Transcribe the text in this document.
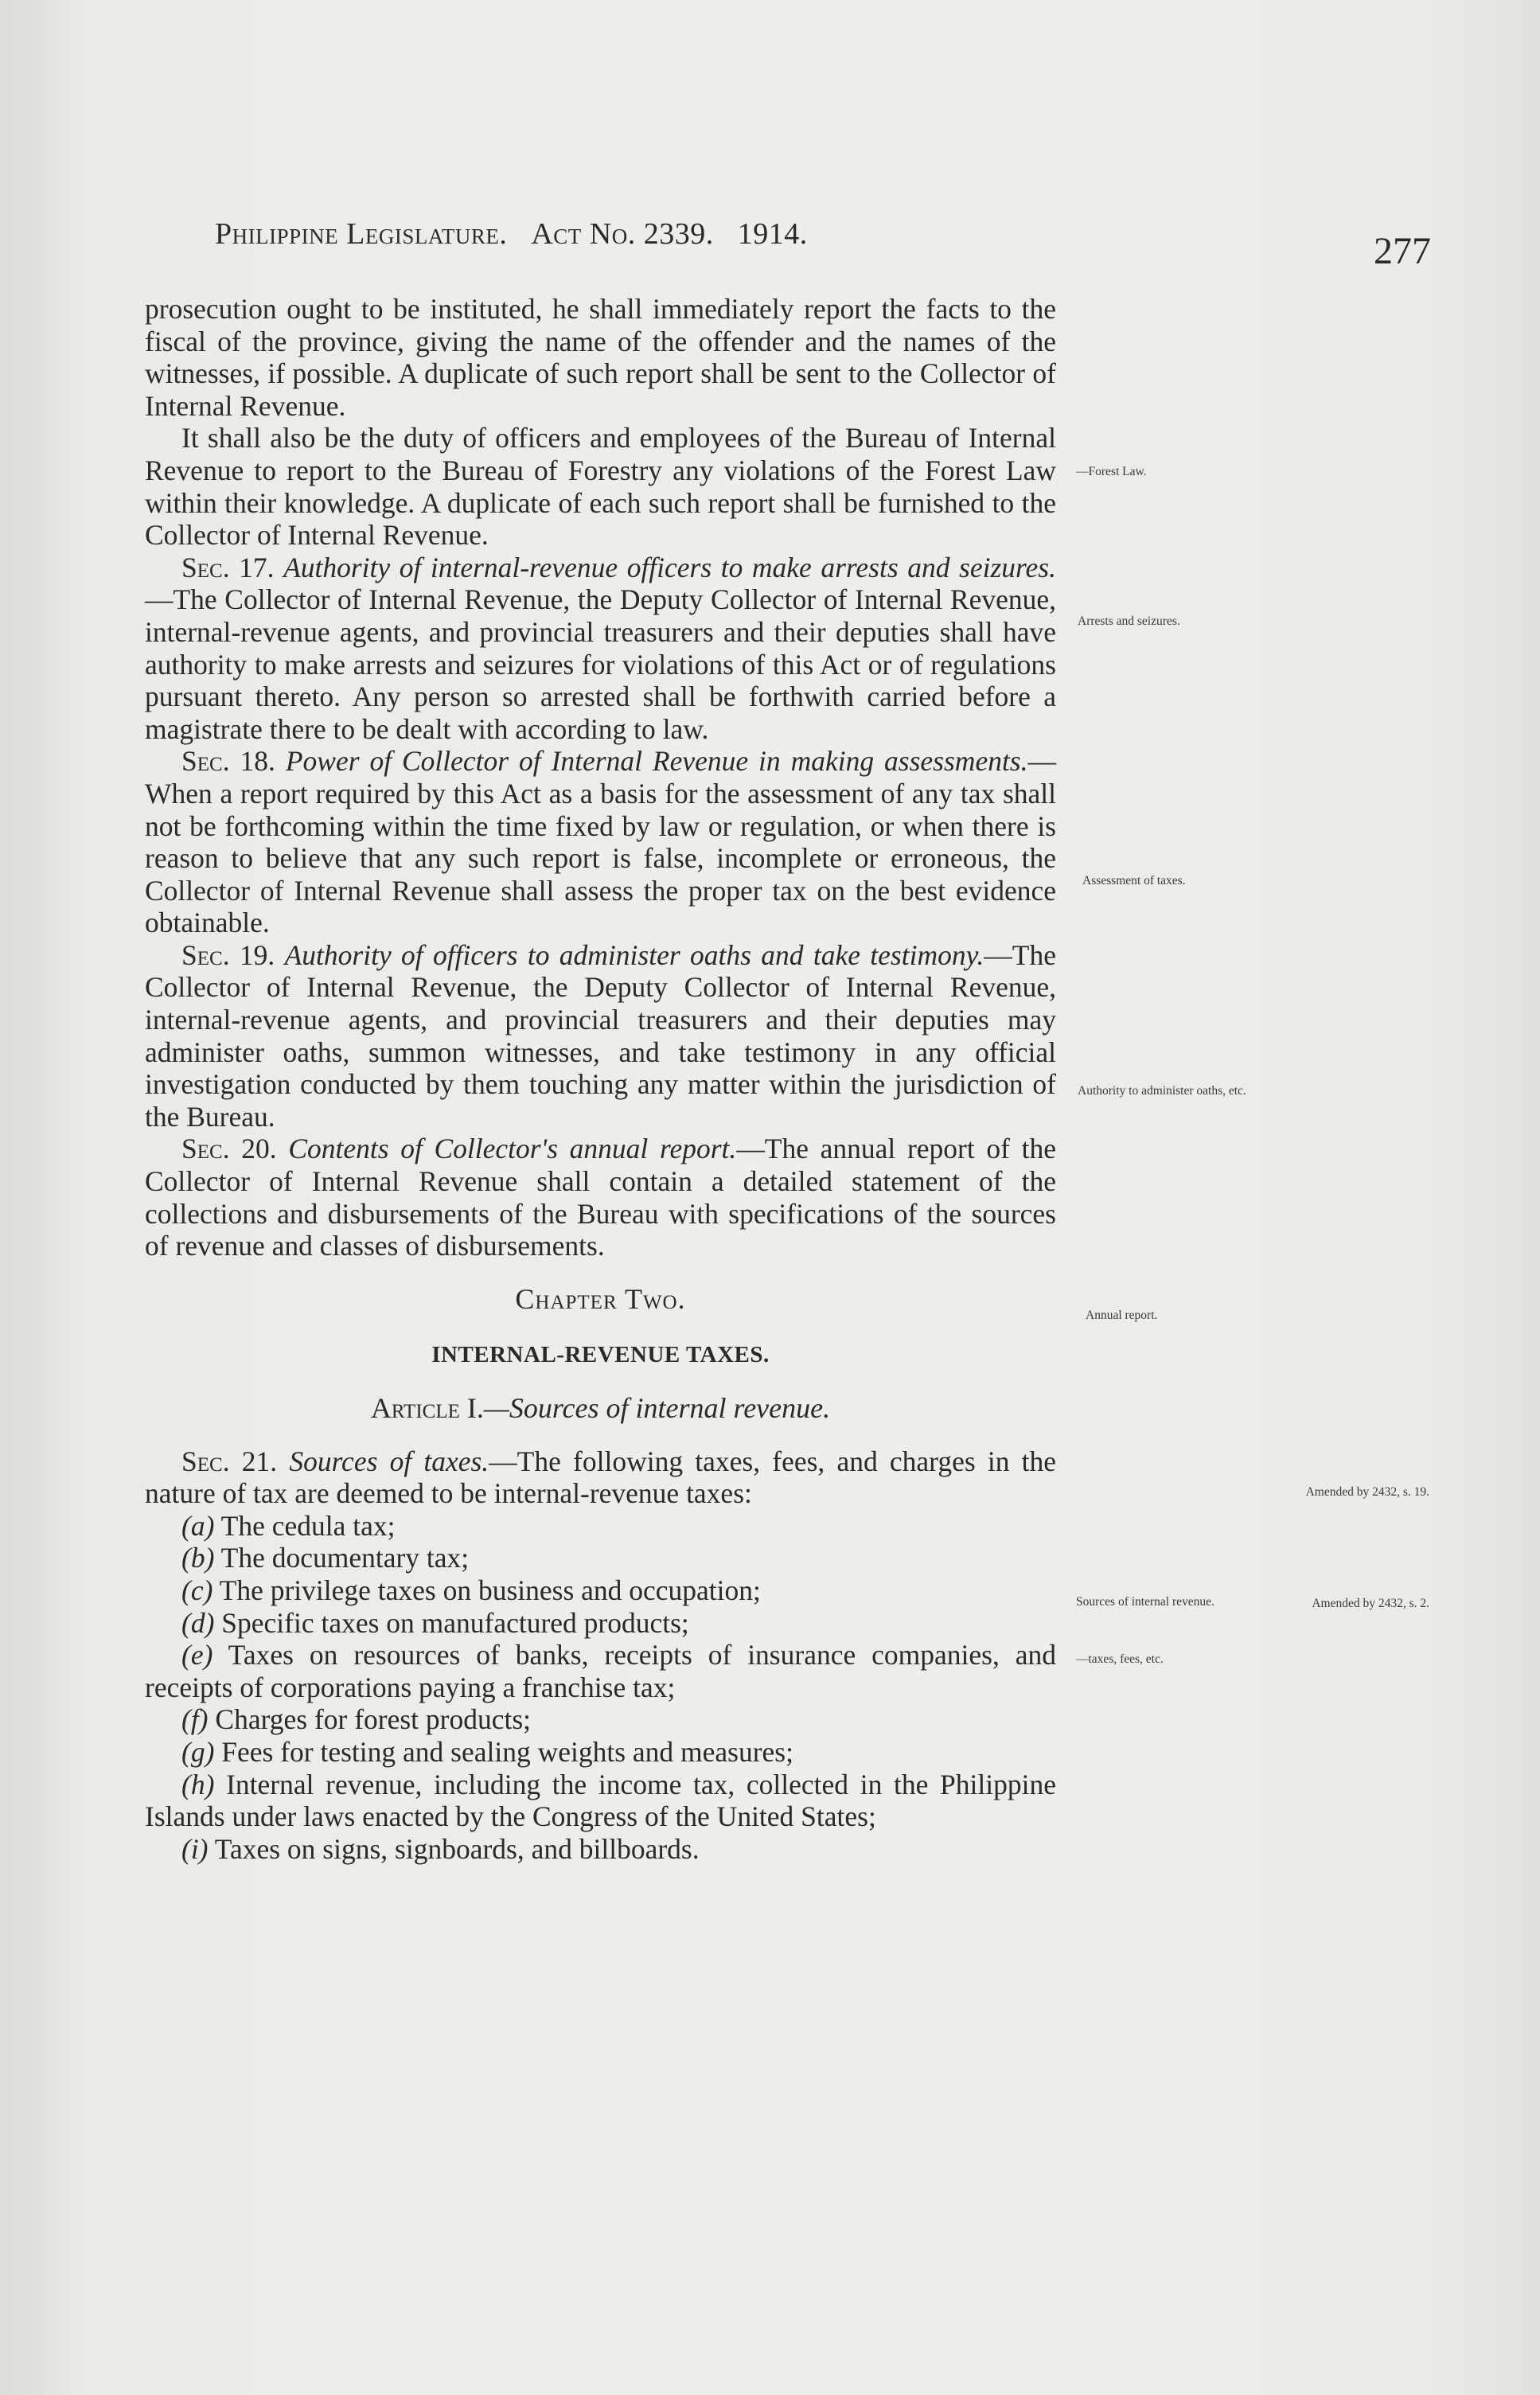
Philippine Legislature. Act No. 2339. 1914.	277

prosecution ought to be instituted, he shall immediately report the facts to the fiscal of the province, giving the name of the offender and the names of the witnesses, if possible. A duplicate of such report shall be sent to the Collector of Internal Revenue.

It shall also be the duty of officers and employees of the Bureau of Internal Revenue to report to the Bureau of Forestry any violations of the Forest Law within their knowledge. A duplicate of each such report shall be furnished to the Collector of Internal Revenue.

Sec. 17. Authority of internal-revenue officers to make arrests and seizures.—The Collector of Internal Revenue, the Deputy Collector of Internal Revenue, internal-revenue agents, and provincial treasurers and their deputies shall have authority to make arrests and seizures for violations of this Act or of regulations pursuant thereto. Any person so arrested shall be forthwith carried before a magistrate there to be dealt with according to law.

Sec. 18. Power of Collector of Internal Revenue in making assessments.—When a report required by this Act as a basis for the assessment of any tax shall not be forthcoming within the time fixed by law or regulation, or when there is reason to believe that any such report is false, incomplete or erroneous, the Collector of Internal Revenue shall assess the proper tax on the best evidence obtainable.

Sec. 19. Authority of officers to administer oaths and take testimony.—The Collector of Internal Revenue, the Deputy Collector of Internal Revenue, internal-revenue agents, and provincial treasurers and their deputies may administer oaths, summon witnesses, and take testimony in any official investigation conducted by them touching any matter within the jurisdiction of the Bureau.

Sec. 20. Contents of Collector's annual report.—The annual report of the Collector of Internal Revenue shall contain a detailed statement of the collections and disbursements of the Bureau with specifications of the sources of revenue and classes of disbursements.

Chapter Two.

INTERNAL-REVENUE TAXES.

Article I.—Sources of internal revenue.

Sec. 21. Sources of taxes.—The following taxes, fees, and charges in the nature of tax are deemed to be internal-revenue taxes:

(a) The cedula tax;

(b) The documentary tax;

(c) The privilege taxes on business and occupation;

(d) Specific taxes on manufactured products;

(e) Taxes on resources of banks, receipts of insurance companies, and receipts of corporations paying a franchise tax;

(f) Charges for forest products;

(g) Fees for testing and sealing weights and measures;

(h) Internal revenue, including the income tax, collected in the Philippine Islands under laws enacted by the Congress of the United States;

(i) Taxes on signs, signboards, and billboards.

—Forest Law.
Arrests and seizures.
Assessment of taxes.
Authority to administer oaths, etc.
Annual report.
Amended by 2432, s. 19.
Sources of internal revenue.
—taxes, fees, etc.
Amended by 2432, s. 2.
